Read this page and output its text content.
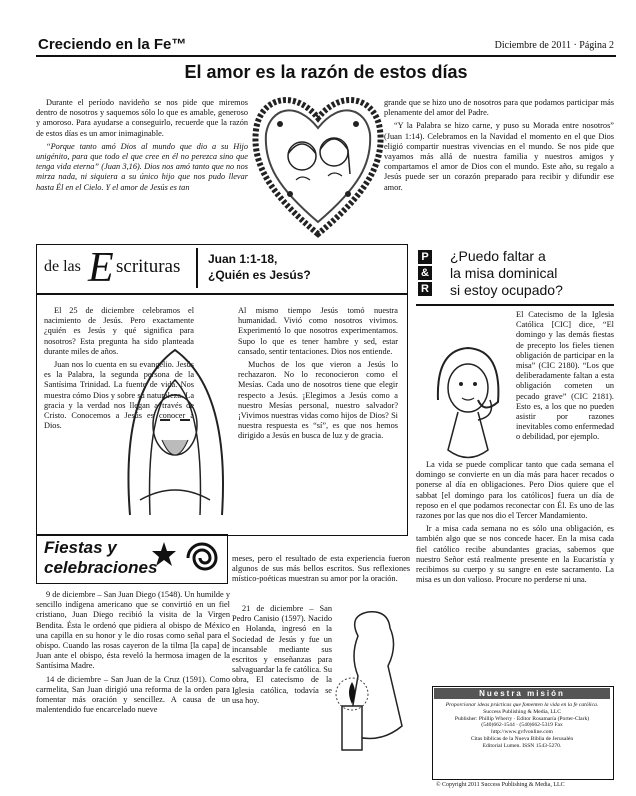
Creciendo en la Fe™	Diciembre de 2011 · Página 2
El amor es la razón de estos días

Durante el período navideño se nos pide que miremos dentro de nosotros y saquemos sólo lo que es amable, generoso y amoroso. Para ayudarse a conseguirlo, recuerde que la razón de estos días es un amor inimaginable.

“Porque tanto amó Dios al mundo que dio a su Hijo unigénito, para que todo el que cree en él no perezca sino que tenga vida eterna” (Juan 3,16). Dios nos amó tanto que no nos mirza nada, ni siquiera a su único hijo que nos pudo llevar hasta Él en el Cielo. Y el amor de Jesús es tan

grande que se hizo uno de nosotros para que podamos participar más plenamente del amor del Padre.

“Y la Palabra se hizo carne, y puso su Morada entre nosotros” (Juan 1:14). Celebramos en la Navidad el momento en el que Dios eligió compartir nuestras vivencias en el mundo. Se nos pide que vayamos más allá de nuestra familia y nuestros amigos y compartamos el amor de Dios con el mundo. Este año, su regalo a Jesús puede ser un corazón preparado para recibir y difundir ese amor.

de las E scrituras Juan 1:1-18,
¿Quién es Jesús?

El 25 de diciembre celebramos el nacimiento de Jesús. Pero exactamente ¿quién es Jesús y qué significa para nosotros? Esta pregunta ha sido planteada durante miles de años.

Juan nos lo cuenta en su evangelio. Jesús es la Palabra, la segunda persona de la Santísima Trinidad. La fuente de vida. Nos muestra cómo Dios y sobre su naturaleza. La gracia y la verdad nos llegan a través de Cristo. Conocemos a Jesús es conocer a Dios.

Al mismo tiempo Jesús tomó nuestra humanidad. Vivió como nosotros vivimos. Experimentó lo que nosotros experimentamos. Supo lo que es tener hambre y sed, estar cansado, sentir tentaciones. Dios nos entiende.

Muchos de los que vieron a Jesús lo rechazaron. No lo reconocieron como el Mesías. Cada uno de nosotros tiene que elegir respecto a Jesús. ¡Elegimos a Jesús como a nuestro Mesías personal, nuestro salvador? ¡Vivimos nuestras vidas como hijos de Dios? Si nuestra respuesta es “sí”, es que nos hemos dirigido a Jesús en busca de luz y de gracia.

P
&
R
¿Puedo faltar a
la misa dominical
si estoy ocupado?

El Catecismo de la Iglesia Católica [CIC] dice, “El domingo y las demás fiestas de precepto los fieles tienen obligación de participar en la misa” (CIC 2180). “Los que deliberadamente faltan a esta obligación cometen un pecado grave” (CIC 2181). Esto es, a los que no pueden asistir por razones inevitables como enfermedad o debilidad, por ejemplo.

La vida se puede complicar tanto que cada semana el domingo se convierte en un día más para hacer recados o ponerse al día en obligaciones. Pero Dios quiere que el sabbat [el domingo para los católicos] fuera un día de reposo en el que podamos reconectar con Él. Es uno de las razones por las que nos dio el Tercer Mandamiento.

Ir a misa cada semana no es sólo una obligación, es también algo que se nos concede hacer. En la misa cada fiel católico recibe abundantes gracias, sabemos que nuestro Señor está realmente presente en la Eucaristía y recibimos su cuerpo y su sangre en este sacramento. La misa es un don valioso. Procure no perderse ni una.

Fiestas y
celebraciones

9 de diciembre – San Juan Diego (1548). Un humilde y sencillo indígena americano que se convirtió en un fiel cristiano, Juan Diego recibió la visita de la Virgen Bendita. Ésta le ordenó que pidiera al obispo de México una capilla en su honor y le dio rosas como señal para el obispo. Cuando las rosas cayeron de la tilma [la capa] de Juan ante el obispo, ésta reveló la hermosa imagen de la Santísima Madre.

14 de diciembre – San Juan de la Cruz (1591). Como carmelita, San Juan dirigió una reforma de la orden para fomentar más oración y sencillez. A causa de un malentendido fue encarcelado nueve

meses, pero el resultado de esta experiencia fueron algunos de sus más bellos escritos. Sus reflexiones místico-poéticas muestran su amor por la oración.

21 de diciembre – San Pedro Canisio (1597). Nacido en Holanda, ingresó en la Sociedad de Jesús y fue un incansable mediante sus escritos y enseñanzas para salvaguardar la fe católica. Su obra, El catecismo de la Iglesia católica, todavía se usa hoy.

Nuestra misión
Proporcionar ideas prácticas que fomenten la vida en la fe católica.
Success Publishing & Media, LLC
Publisher: Phillip Wherry · Editor Rosamaría (Porter-Clark)
(540)662-1544 · (540)662-5319 Fax
http://www.gvfvonline.com
Citas bíblicas de la Nueva Biblia de Jerusalén
Editorial Lumen. ISSN 1543-5270.
© Copyright 2011 Success Publishing & Media, LLC
